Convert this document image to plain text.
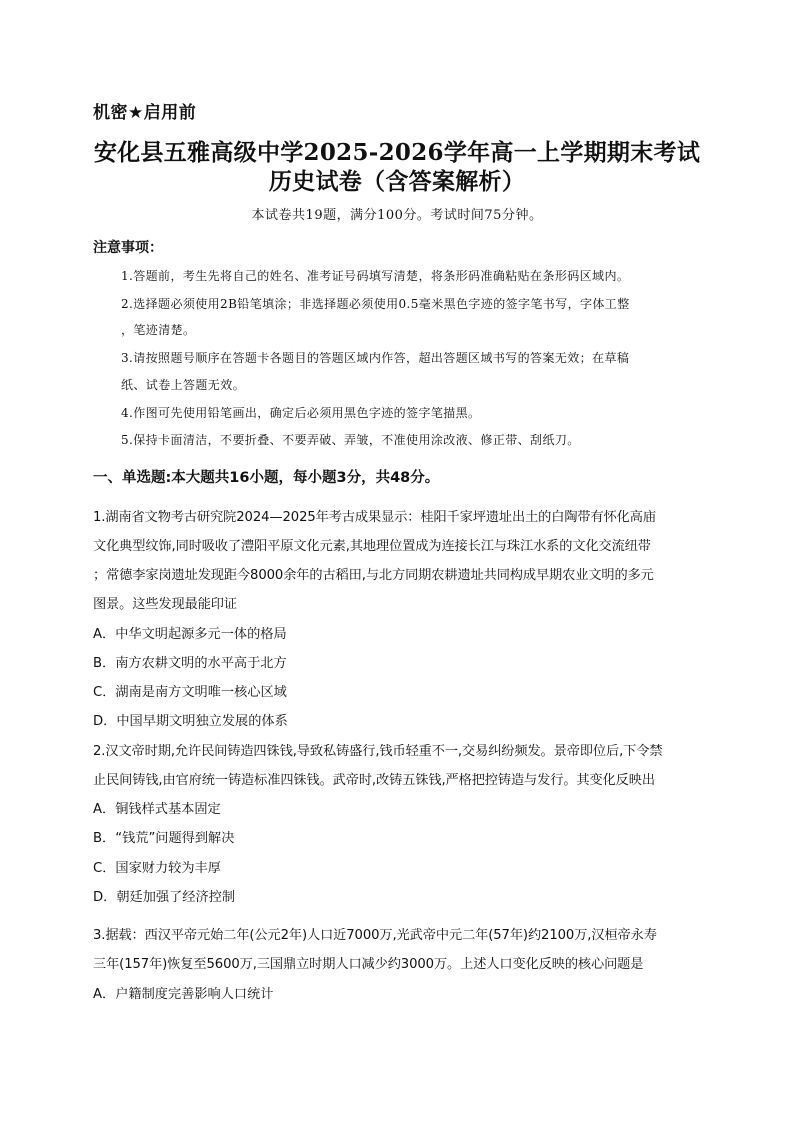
机密★启用前
安化县五雅高级中学2025-2026学年高一上学期期末考试
历史试卷（含答案解析）
本试卷共19题，满分100分。考试时间75分钟。
注意事项：
1.答题前，考生先将自己的姓名、准考证号码填写清楚，将条形码准确粘贴在条形码区域内。
2.选择题必须使用2B铅笔填涂；非选择题必须使用0.5毫米黑色字迹的签字笔书写，字体工整
，笔迹清楚。
3.请按照题号顺序在答题卡各题目的答题区域内作答，超出答题区域书写的答案无效；在草稿
纸、试卷上答题无效。
4.作图可先使用铅笔画出，确定后必须用黑色字迹的签字笔描黑。
5.保持卡面清洁，不要折叠、不要弄破、弄皱，不准使用涂改液、修正带、刮纸刀。
一、单选题:本大题共16小题，每小题3分，共48分。
1.湖南省文物考古研究院2024—2025年考古成果显示：桂阳千家坪遗址出土的白陶带有怀化高庙
文化典型纹饰,同时吸收了澧阳平原文化元素,其地理位置成为连接长江与珠江水系的文化交流纽带
；常德李家岗遗址发现距今8000余年的古稻田,与北方同期农耕遗址共同构成早期农业文明的多元
图景。这些发现最能印证
A．中华文明起源多元一体的格局
B．南方农耕文明的水平高于北方
C．湖南是南方文明唯一核心区域
D．中国早期文明独立发展的体系
2.汉文帝时期,允许民间铸造四铢钱,导致私铸盛行,钱币轻重不一,交易纠纷频发。景帝即位后,下令禁
止民间铸钱,由官府统一铸造标准四铢钱。武帝时,改铸五铢钱,严格把控铸造与发行。其变化反映出
A．铜钱样式基本固定
B．“钱荒”问题得到解决
C．国家财力较为丰厚
D．朝廷加强了经济控制
3.据载：西汉平帝元始二年(公元2年)人口近7000万,光武帝中元二年(57年)约2100万,汉桓帝永寿
三年(157年)恢复至5600万,三国鼎立时期人口减少约3000万。上述人口变化反映的核心问题是
A．户籍制度完善影响人口统计
